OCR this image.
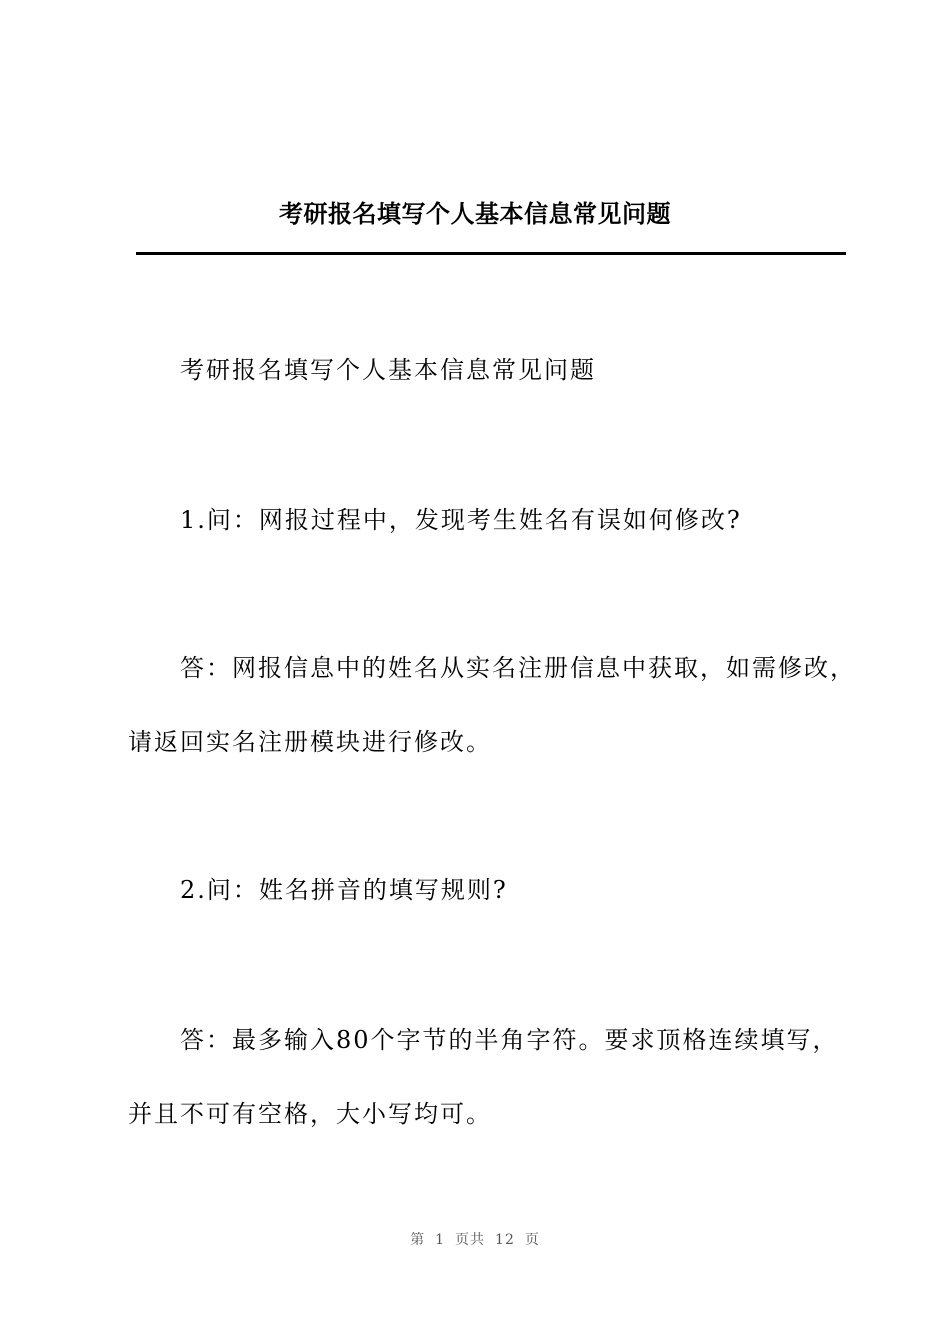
考研报名填写个人基本信息常见问题
考研报名填写个人基本信息常见问题
1.问：网报过程中，发现考生姓名有误如何修改?
答：网报信息中的姓名从实名注册信息中获取，如需修改，
请返回实名注册模块进行修改。
2.问：姓名拼音的填写规则?
答：最多输入80个字节的半角字符。要求顶格连续填写，
并且不可有空格，大小写均可。
第 1 页共 12 页
